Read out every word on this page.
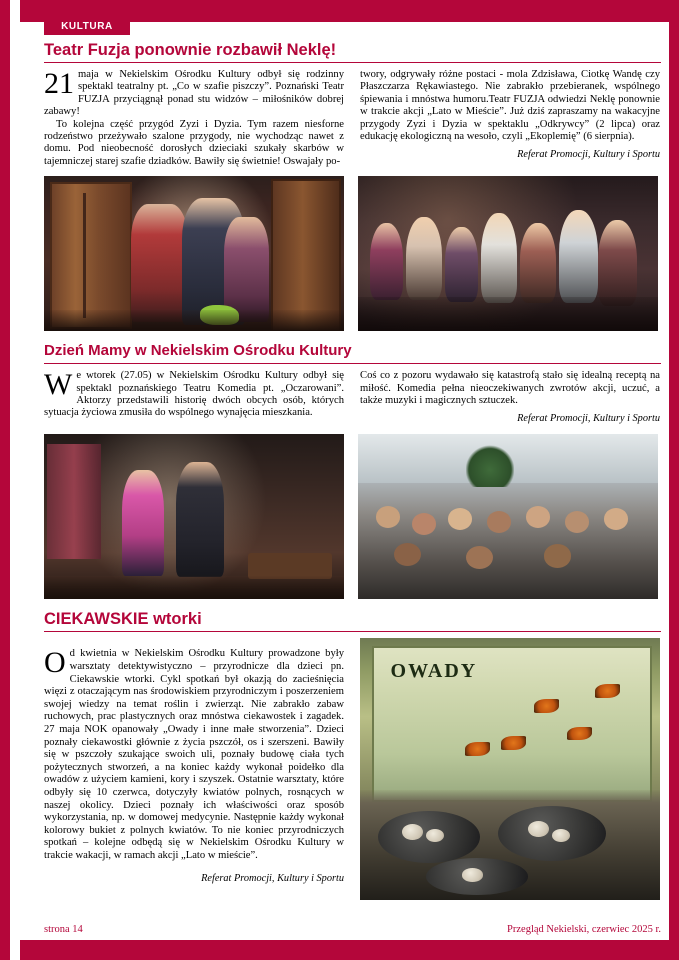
KULTURA
Teatr Fuzja ponownie rozbawił Neklę!

21 maja w Nekielskim Ośrodku Kultury odbył się rodzinny spektakl teatralny pt. „Co w szafie piszczy”. Poznański Teatr FUZJA przyciągnął ponad stu widzów – miłośników dobrej zabawy!

To kolejna część przygód Zyzi i Dyzia. Tym razem niesforne rodzeństwo przeżywało szalone przygody, nie wychodząc nawet z domu. Pod nieobecność dorosłych dzieciaki szukały skarbów w tajemniczej starej szafie dziadków. Bawiły się świetnie! Oswajały po-

twory, odgrywały różne postaci - mola Zdzisława, Ciotkę Wandę czy Płaszczarza Rękawiastego. Nie zabrakło przebieranek, wspólnego śpiewania i mnóstwa humoru.Teatr FUZJA odwiedzi Neklę ponownie w trakcie akcji „Lato w Mieście”. Już dziś zapraszamy na wakacyjne przygody Zyzi i Dyzia w spektaklu „Odkrywcy” (2 lipca) oraz edukację ekologiczną na wesoło, czyli „Ekoplemię” (6 sierpnia).

Referat Promocji, Kultury i Sportu
Dzień Mamy w Nekielskim Ośrodku Kultury

We wtorek (27.05) w Nekielskim Ośrodku Kultury odbył się spektakl poznańskiego Teatru Komedia pt. „Oczarowani”. Aktorzy przedstawili historię dwóch obcych osób, których sytuacja życiowa zmusiła do wspólnego wynajęcia mieszkania.

Coś co z pozoru wydawało się katastrofą stało się idealną receptą na miłość. Komedia pełna nieoczekiwanych zwrotów akcji, uczuć, a także muzyki i magicznych sztuczek.

Referat Promocji, Kultury i Sportu
CIEKAWSKIE wtorki

Od kwietnia w Nekielskim Ośrodku Kultury prowadzone były warsztaty detektywistyczno – przyrodnicze dla dzieci pn. Ciekawskie wtorki. Cykl spotkań był okazją do zacieśnięcia więzi z otaczającym nas środowiskiem przyrodniczym i poszerzeniem swojej wiedzy na temat roślin i zwierząt. Nie zabrakło zabaw ruchowych, prac plastycznych oraz mnóstwa ciekawostek i zagadek. 27 maja NOK opanowały „Owady i inne małe stworzenia”. Dzieci poznały ciekawostki głównie z życia pszczół, os i szerszeni. Bawiły się w pszczoły szukające swoich uli, poznały budowę ciała tych pożytecznych stworzeń, a na koniec każdy wykonał poidełko dla owadów z użyciem kamieni, kory i szyszek. Ostatnie warsztaty, które odbyły się 10 czerwca, dotyczyły kwiatów polnych, rosnących w naszej okolicy. Dzieci poznały ich właściwości oraz sposób wykorzystania, np. w domowej medycynie. Następnie każdy wykonał kolorowy bukiet z polnych kwiatów. To nie koniec przyrodniczych spotkań – kolejne odbędą się w Nekielskim Ośrodku Kultury w trakcie wakacji, w ramach akcji „Lato w mieście”.

Referat Promocji, Kultury i Sportu
OWADY
strona 14	Przegląd Nekielski, czerwiec 2025 r.
